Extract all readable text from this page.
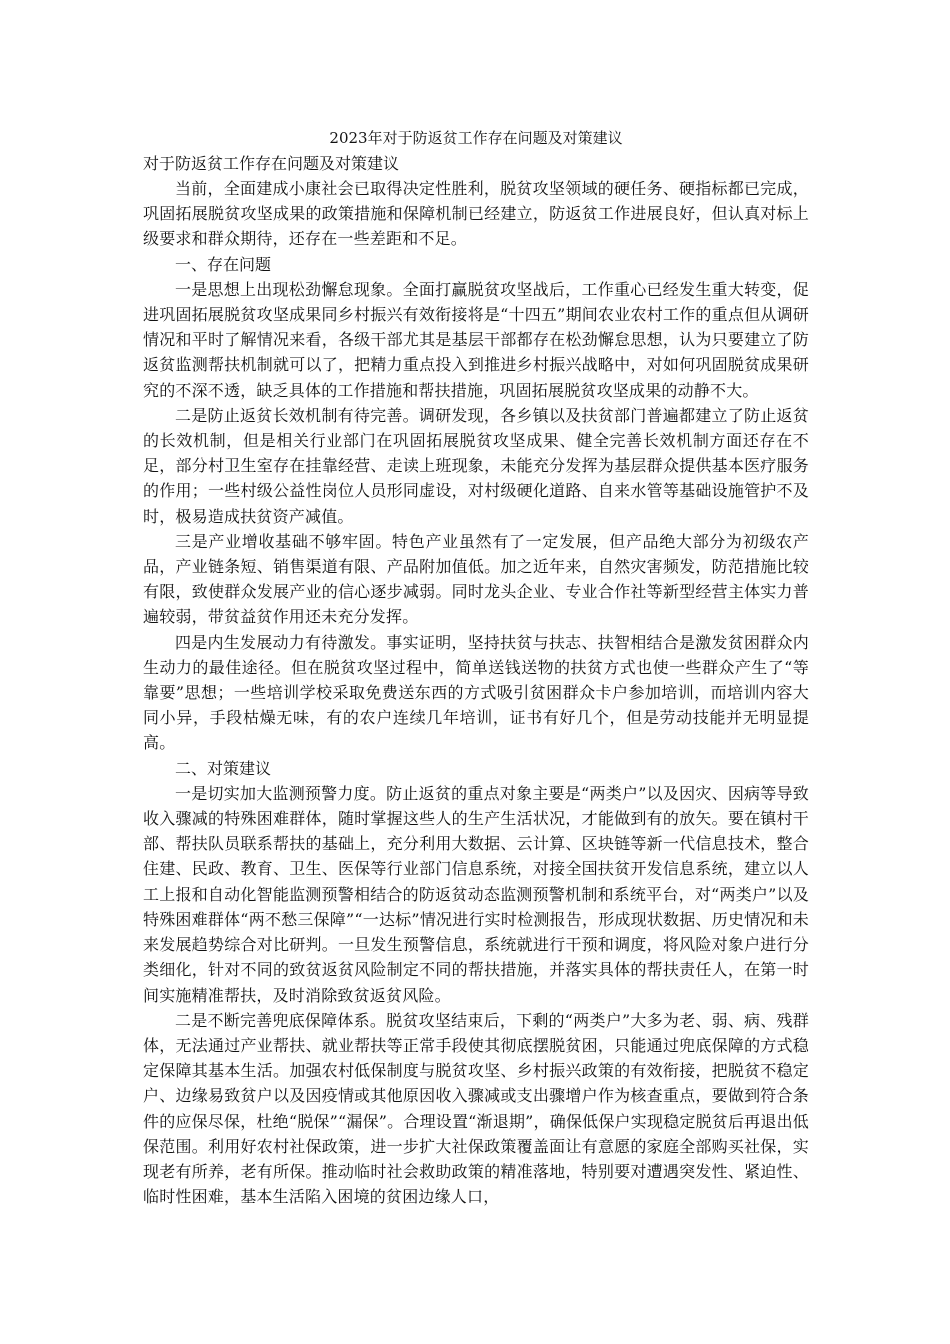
2023年对于防返贫工作存在问题及对策建议

对于防返贫工作存在问题及对策建议

当前，全面建成小康社会已取得决定性胜利，脱贫攻坚领域的硬任务、硬指标都已完成，巩固拓展脱贫攻坚成果的政策措施和保障机制已经建立，防返贫工作进展良好，但认真对标上级要求和群众期待，还存在一些差距和不足。

一、存在问题

一是思想上出现松劲懈怠现象。全面打赢脱贫攻坚战后，工作重心已经发生重大转变，促进巩固拓展脱贫攻坚成果同乡村振兴有效衔接将是“十四五”期间农业农村工作的重点但从调研情况和平时了解情况来看，各级干部尤其是基层干部都存在松劲懈怠思想，认为只要建立了防返贫监测帮扶机制就可以了，把精力重点投入到推进乡村振兴战略中，对如何巩固脱贫成果研究的不深不透，缺乏具体的工作措施和帮扶措施，巩固拓展脱贫攻坚成果的动静不大。

二是防止返贫长效机制有待完善。调研发现，各乡镇以及扶贫部门普遍都建立了防止返贫的长效机制，但是相关行业部门在巩固拓展脱贫攻坚成果、健全完善长效机制方面还存在不足，部分村卫生室存在挂靠经营、走读上班现象，未能充分发挥为基层群众提供基本医疗服务的作用；一些村级公益性岗位人员形同虚设，对村级硬化道路、自来水管等基础设施管护不及时，极易造成扶贫资产减值。

三是产业增收基础不够牢固。特色产业虽然有了一定发展，但产品绝大部分为初级农产品，产业链条短、销售渠道有限、产品附加值低。加之近年来，自然灾害频发，防范措施比较有限，致使群众发展产业的信心逐步减弱。同时龙头企业、专业合作社等新型经营主体实力普遍较弱，带贫益贫作用还未充分发挥。

四是内生发展动力有待激发。事实证明，坚持扶贫与扶志、扶智相结合是激发贫困群众内生动力的最佳途径。但在脱贫攻坚过程中，简单送钱送物的扶贫方式也使一些群众产生了“等靠要”思想；一些培训学校采取免费送东西的方式吸引贫困群众卡户参加培训，而培训内容大同小异，手段枯燥无味，有的农户连续几年培训，证书有好几个，但是劳动技能并无明显提高。

二、对策建议

一是切实加大监测预警力度。防止返贫的重点对象主要是“两类户”以及因灾、因病等导致收入骤减的特殊困难群体，随时掌握这些人的生产生活状况，才能做到有的放矢。要在镇村干部、帮扶队员联系帮扶的基础上，充分利用大数据、云计算、区块链等新一代信息技术，整合住建、民政、教育、卫生、医保等行业部门信息系统，对接全国扶贫开发信息系统，建立以人工上报和自动化智能监测预警相结合的防返贫动态监测预警机制和系统平台，对“两类户”以及特殊困难群体“两不愁三保障”“一达标”情况进行实时检测报告，形成现状数据、历史情况和未来发展趋势综合对比研判。一旦发生预警信息，系统就进行干预和调度，将风险对象户进行分类细化，针对不同的致贫返贫风险制定不同的帮扶措施，并落实具体的帮扶责任人，在第一时间实施精准帮扶，及时消除致贫返贫风险。

二是不断完善兜底保障体系。脱贫攻坚结束后，下剩的“两类户”大多为老、弱、病、残群体，无法通过产业帮扶、就业帮扶等正常手段使其彻底摆脱贫困，只能通过兜底保障的方式稳定保障其基本生活。加强农村低保制度与脱贫攻坚、乡村振兴政策的有效衔接，把脱贫不稳定户、边缘易致贫户以及因疫情或其他原因收入骤减或支出骤增户作为核查重点，要做到符合条件的应保尽保，杜绝“脱保”“漏保”。合理设置“渐退期”，确保低保户实现稳定脱贫后再退出低保范围。利用好农村社保政策，进一步扩大社保政策覆盖面让有意愿的家庭全部购买社保，实现老有所养，老有所保。推动临时社会救助政策的精准落地，特别要对遭遇突发性、紧迫性、临时性困难，基本生活陷入困境的贫困边缘人口，
